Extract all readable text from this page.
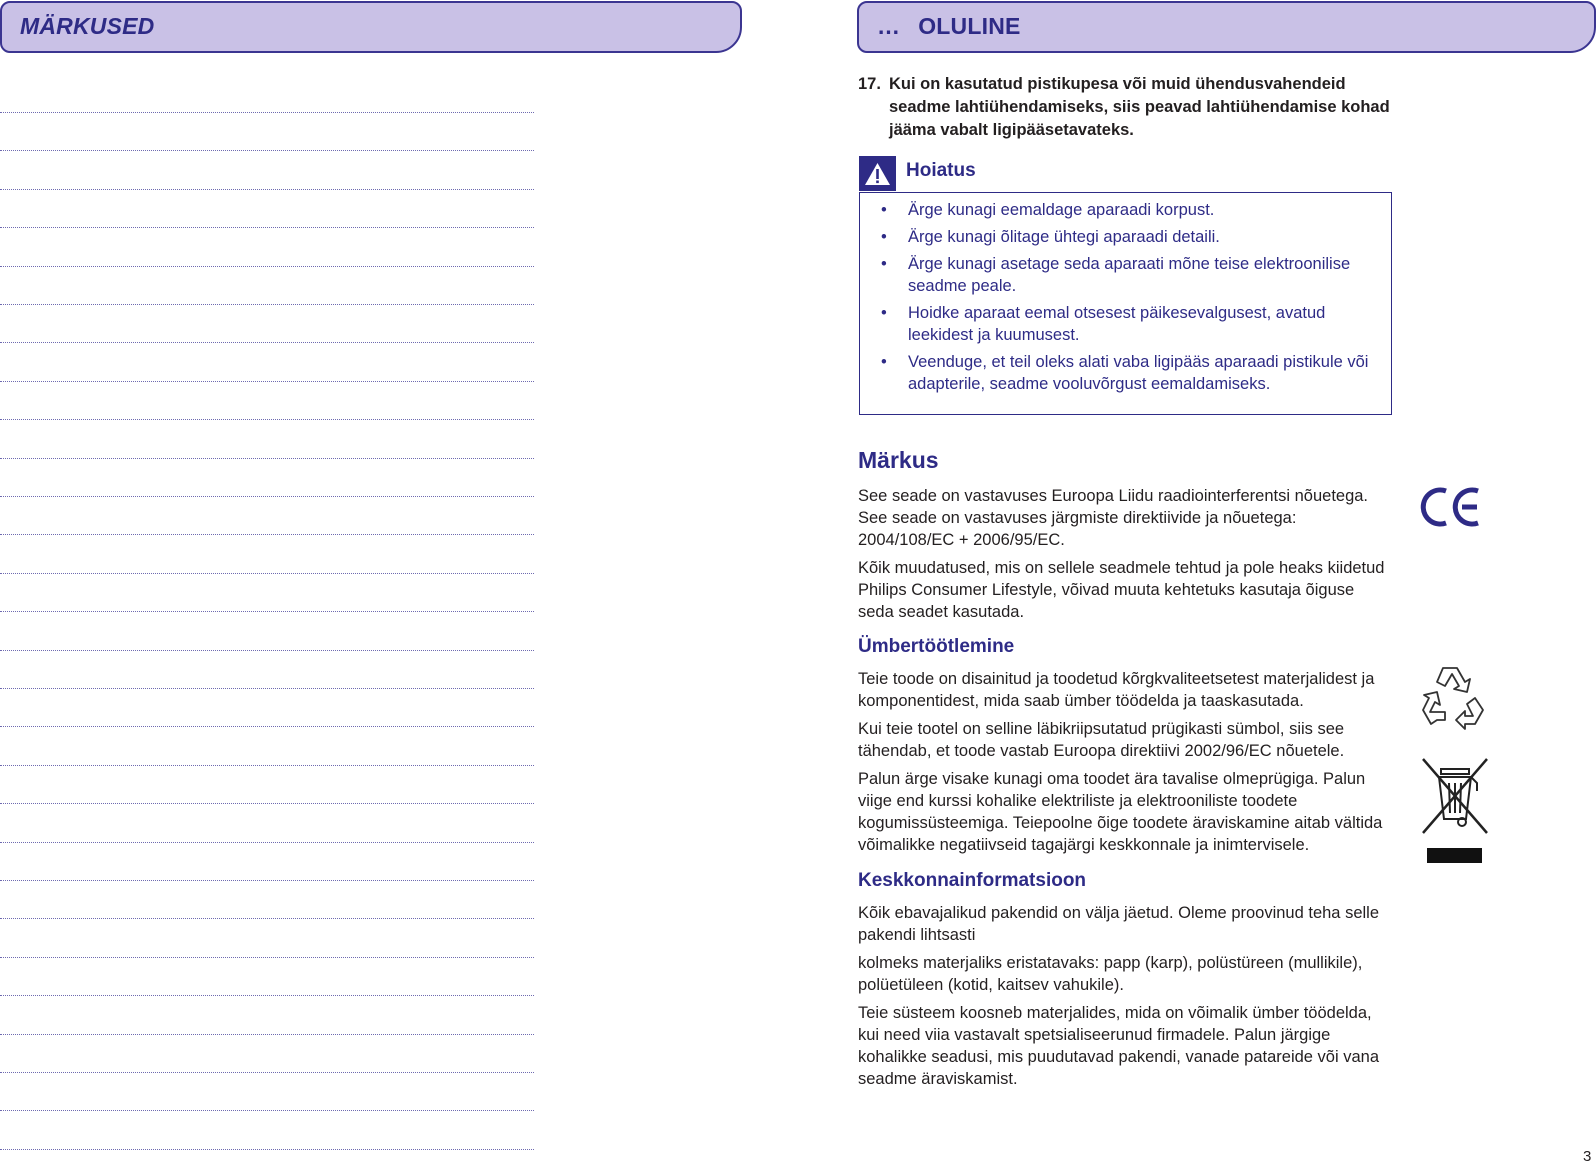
MÄRKUSED	… OLULINE
17. Kui on kasutatud pistikupesa või muid ühendusvahendeid seadme lahtiühendamiseks, siis peavad lahtiühendamise kohad jääma vabalt ligipääsetavateks.
Hoiatus
• Ärge kunagi eemaldage aparaadi korpust.
• Ärge kunagi õlitage ühtegi aparaadi detaili.
• Ärge kunagi asetage seda aparaati mõne teise elektroonilise seadme peale.
• Hoidke aparaat eemal otsesest päikesevalgusest, avatud leekidest ja kuumusest.
• Veenduge, et teil oleks alati vaba ligipääs aparaadi pistikule või adapterile, seadme vooluvõrgust eemaldamiseks.
Märkus
See seade on vastavuses Euroopa Liidu raadiointerferentsi nõuetega. See seade on vastavuses järgmiste direktiivide ja nõuetega: 2004/108/EC + 2006/95/EC.
Kõik muudatused, mis on sellele seadmele tehtud ja pole heaks kiidetud Philips Consumer Lifestyle, võivad muuta kehtetuks kasutaja õiguse seda seadet kasutada.
Ümbertöötlemine
Teie toode on disainitud ja toodetud kõrgkvaliteetsetest materjalidest ja komponentidest, mida saab ümber töödelda ja taaskasutada.
Kui teie tootel on selline läbikriipsutatud prügikasti sümbol, siis see tähendab, et toode vastab Euroopa direktiivi 2002/96/EC nõuetele.
Palun ärge visake kunagi oma toodet ära tavalise olmeprügiga. Palun viige end kurssi kohalike elektriliste ja elektrooniliste toodete kogumissüsteemiga. Teiepoolne õige toodete äraviskamine aitab vältida võimalikke negatiivseid tagajärgi keskkonnale ja inimtervisele.
Keskkonnainformatsioon
Kõik ebavajalikud pakendid on välja jäetud. Oleme proovinud teha selle pakendi lihtsasti
kolmeks materjaliks eristatavaks: papp (karp), polüstüreen (mullikile), polüetüleen (kotid, kaitsev vahukile).
Teie süsteem koosneb materjalides, mida on võimalik ümber töödelda, kui need viia vastavalt spetsialiseerunud firmadele. Palun järgige kohalikke seadusi, mis puudutavad pakendi, vanade patareide või vana seadme äraviskamist.
3
